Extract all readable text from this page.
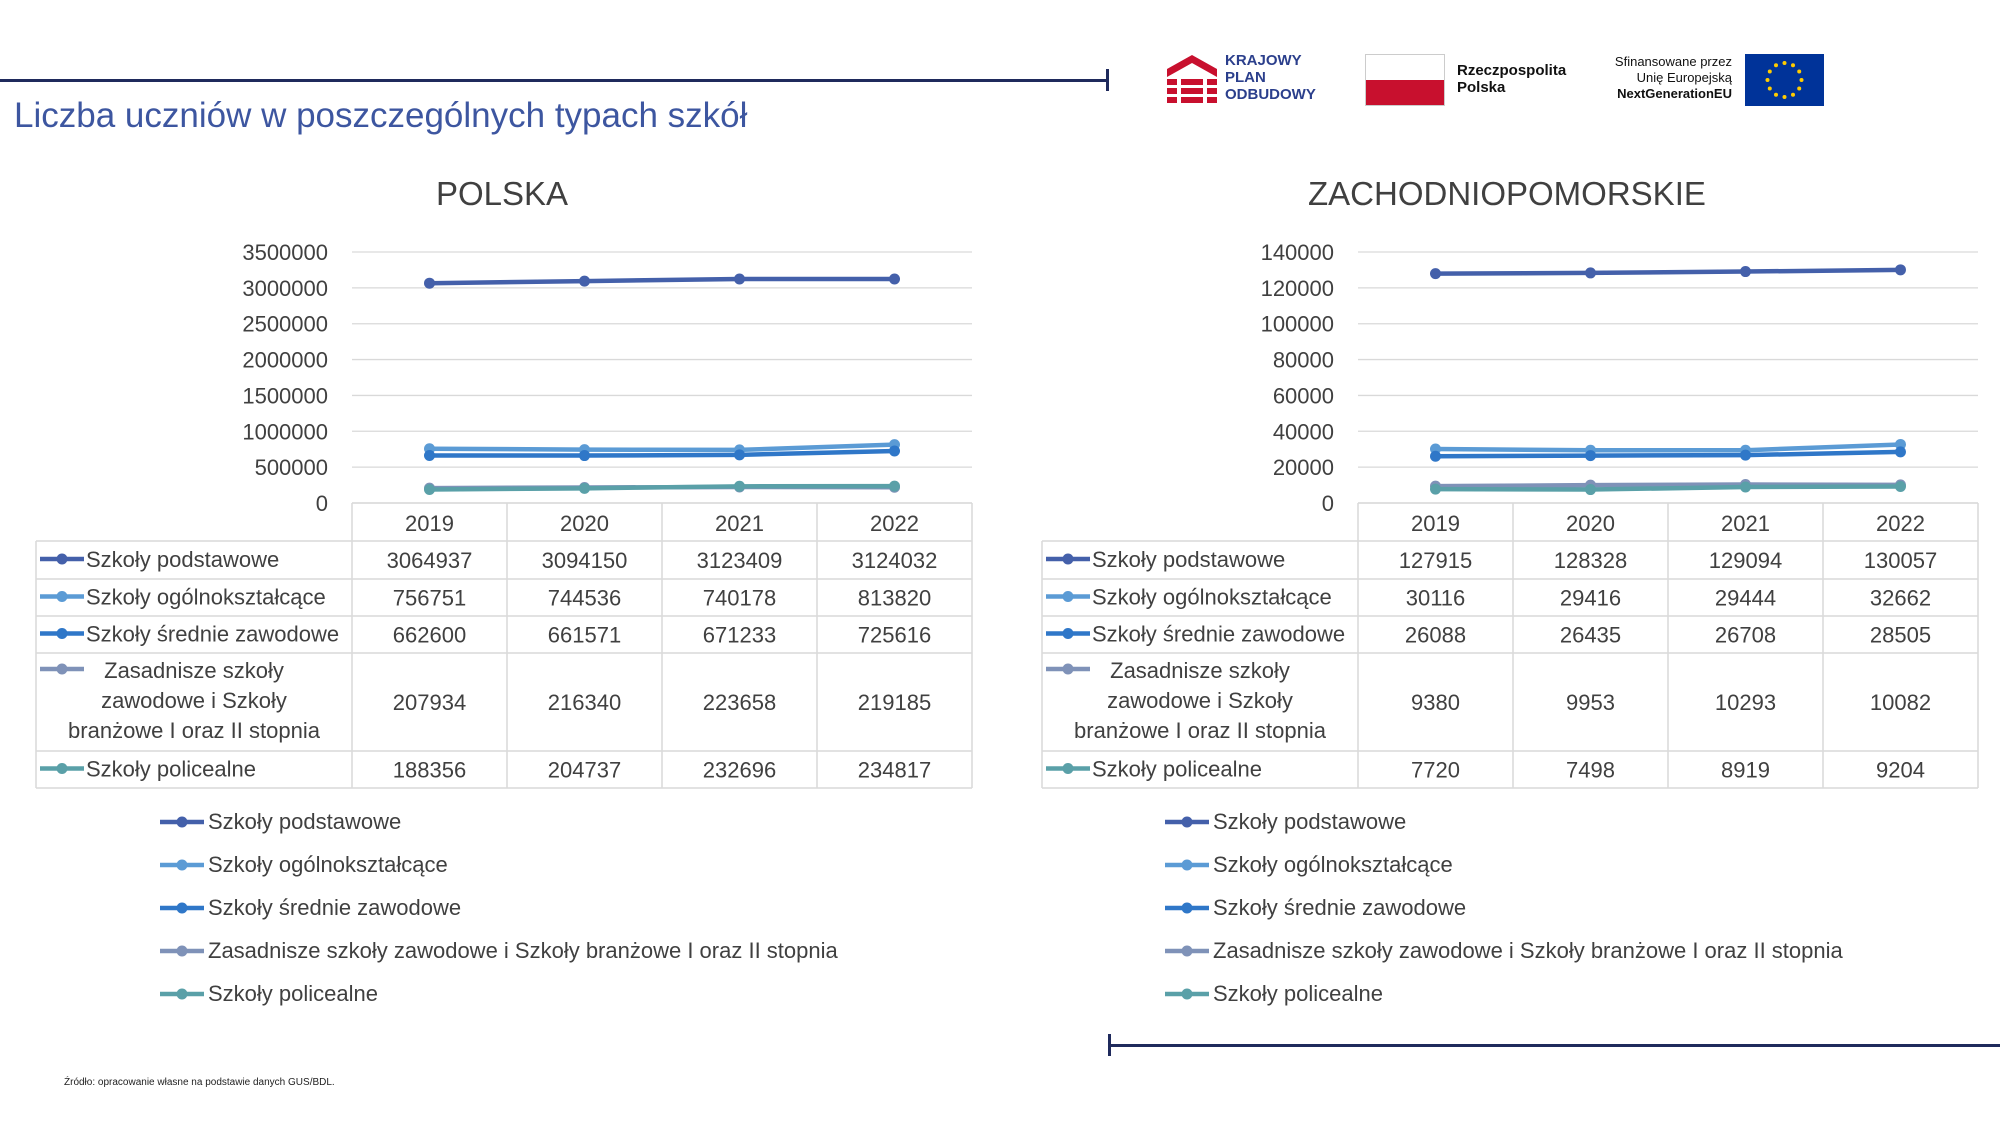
KRAJOWY
PLAN
ODBUDOWY
Rzeczpospolita
Polska
Sfinansowane przez
Unię Europejską
NextGenerationEU
Liczba uczniów w poszczególnych typach szkół
Źródło: opracowanie własne na podstawie danych GUS/BDL.
POLSKA
0
500000
1000000
1500000
2000000
2500000
3000000
3500000
2019	2020	2021	2022
Szkoły podstawowe	3064937	3094150	3123409	3124032
Szkoły ogólnokształcące	756751	744536	740178	813820
Szkoły średnie zawodowe 662600	661571	671233	725616
Zasadnisze szkoły
zawodowe i Szkoły
branżowe I oraz II stopnia
207934	216340	223658	219185
Szkoły policealne	188356	204737	232696	234817
Szkoły podstawowe
Szkoły ogólnokształcące
Szkoły średnie zawodowe
Zasadnisze szkoły zawodowe i Szkoły branżowe I oraz II stopnia
Szkoły policealne
ZACHODNIOPOMORSKIE
0
20000
40000
60000
80000
100000
120000
140000
2019	2020	2021	2022
Szkoły podstawowe	127915	128328	129094	130057
Szkoły ogólnokształcące	30116	29416	29444	32662
Szkoły średnie zawodowe	26088	26435	26708	28505
Zasadnisze szkoły
zawodowe i Szkoły
branżowe I oraz II stopnia
9380	9953	10293	10082
Szkoły policealne	7720	7498	8919	9204
Szkoły podstawowe
Szkoły ogólnokształcące
Szkoły średnie zawodowe
Zasadnisze szkoły zawodowe i Szkoły branżowe I oraz II stopnia
Szkoły policealne
